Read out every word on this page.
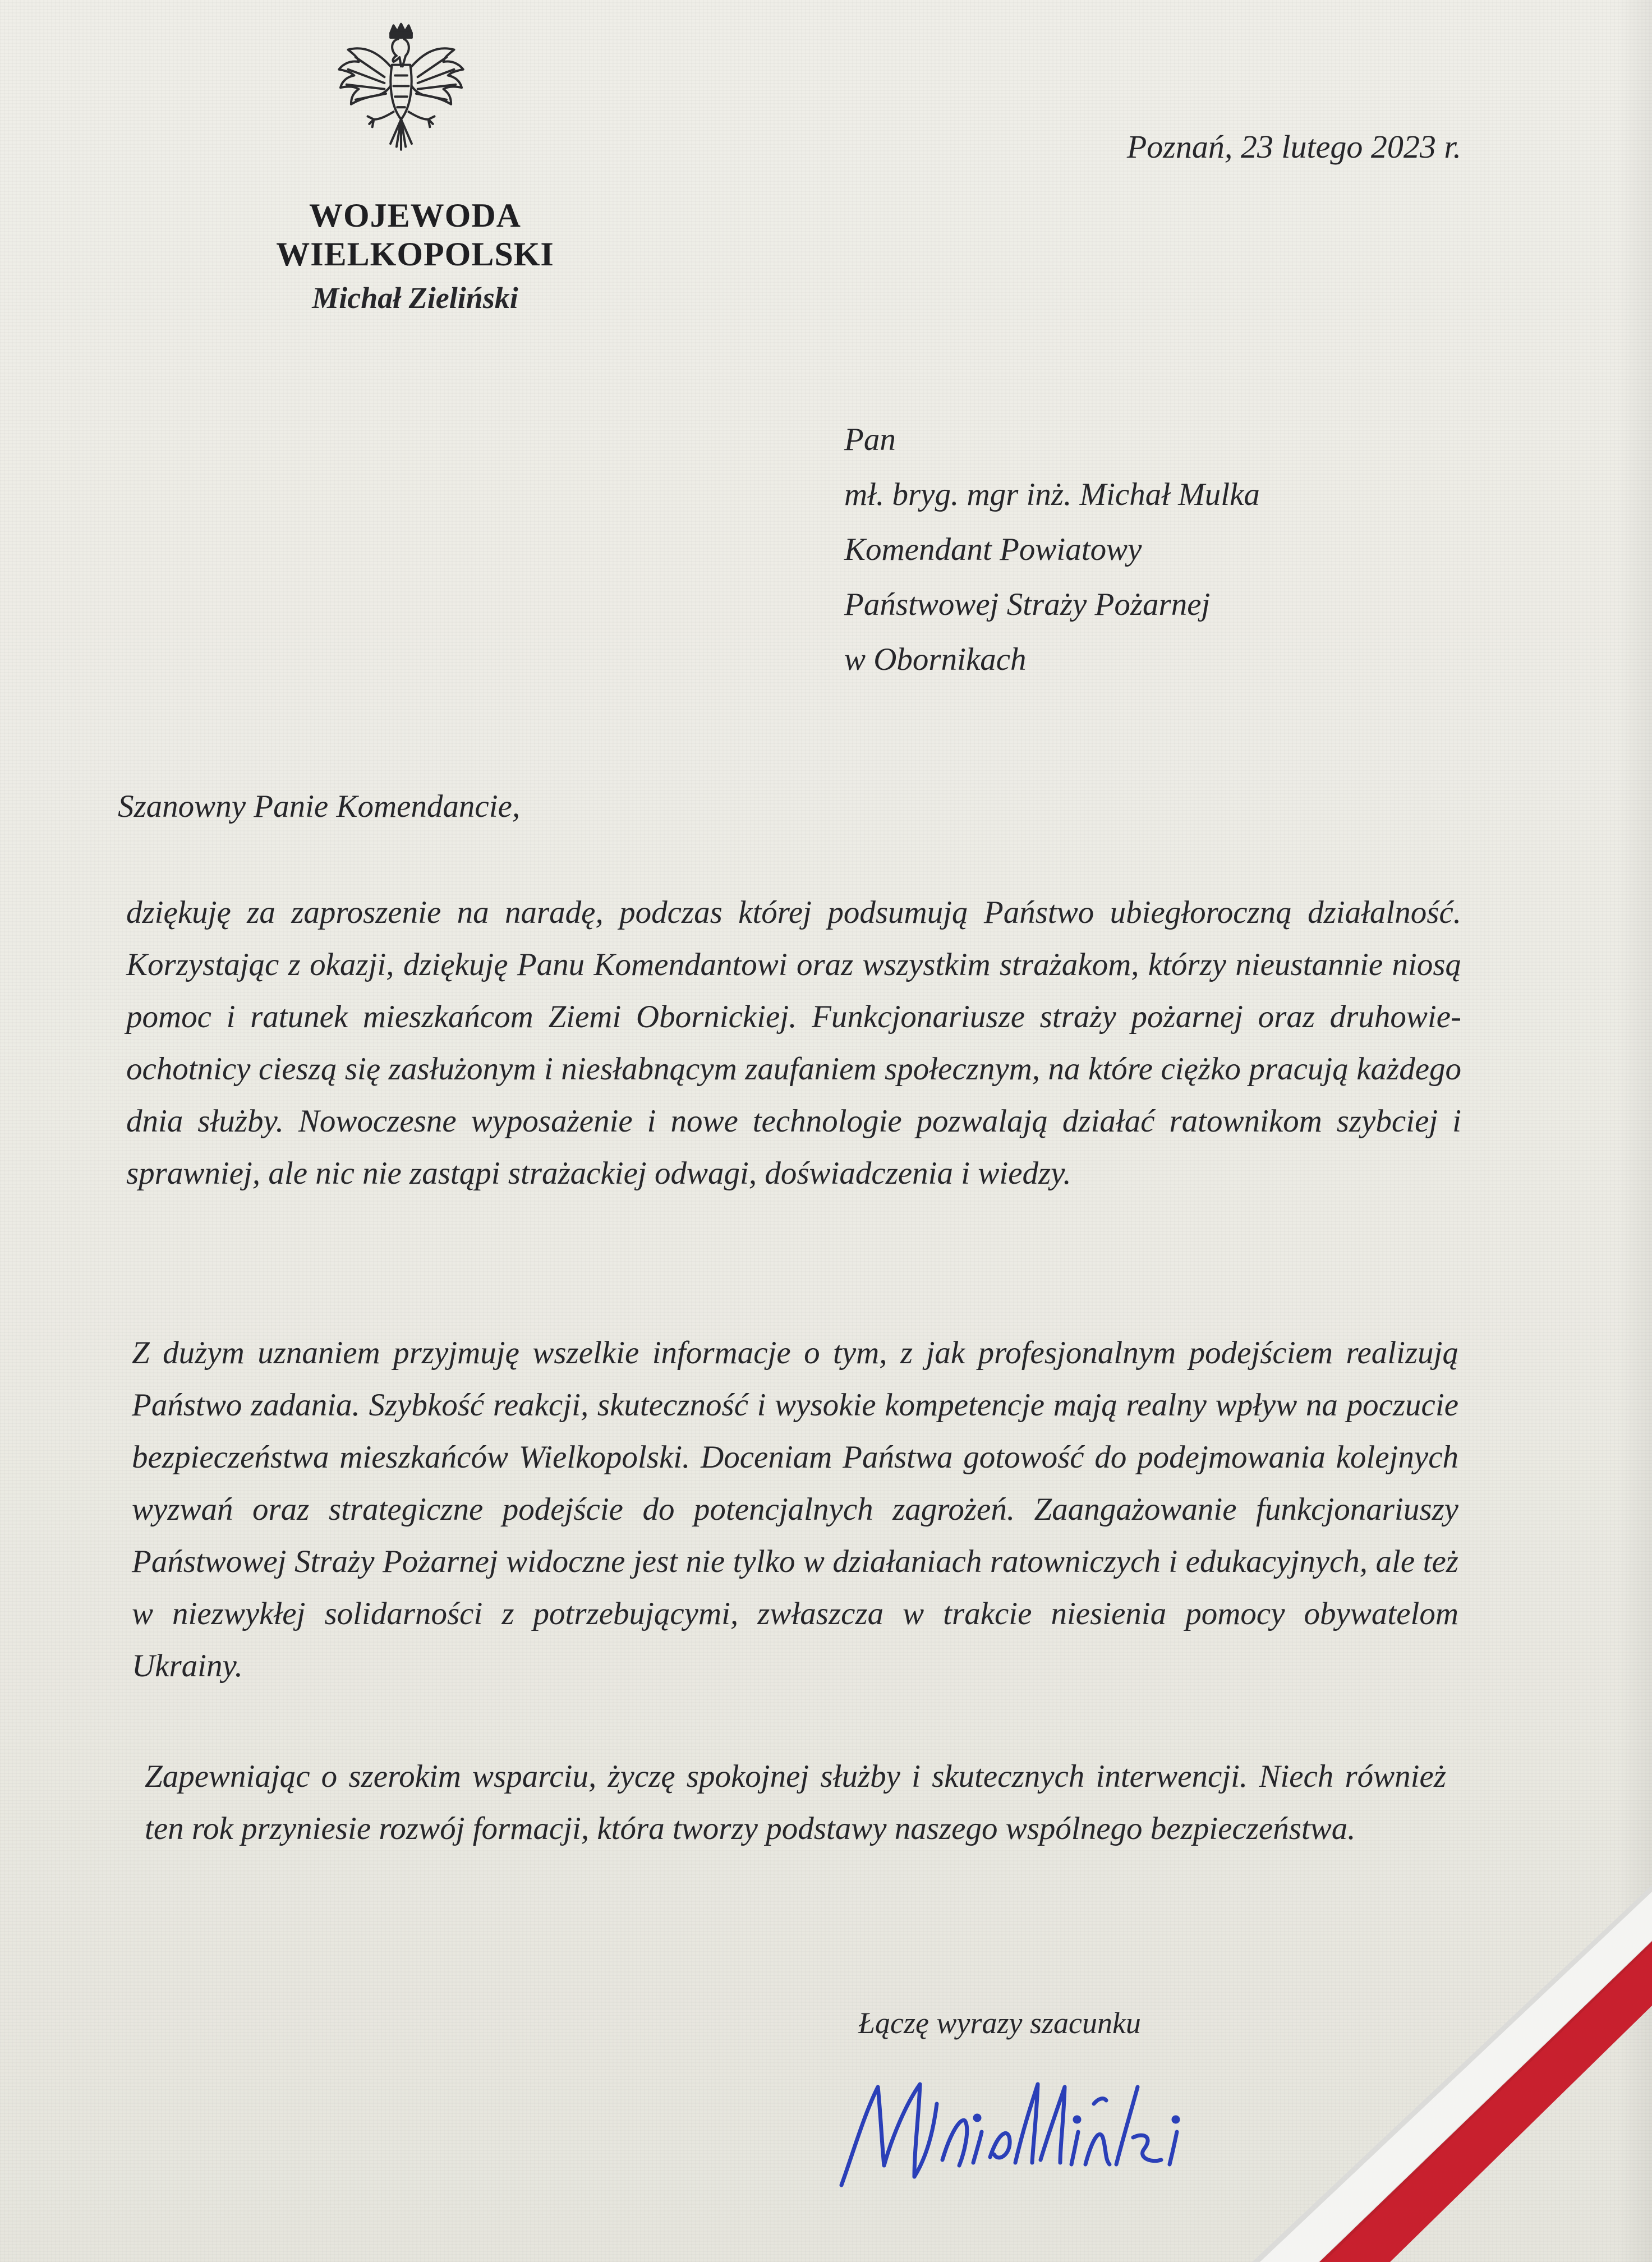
WOJEWODA WIELKOPOLSKI
Michał Zieliński
Poznań, 23 lutego 2023 r.
Pan
mł. bryg. mgr inż. Michał Mulka
Komendant Powiatowy
Państwowej Straży Pożarnej
w Obornikach
Szanowny Panie Komendancie,
dziękuję za zaproszenie na naradę, podczas której podsumują Państwo ubiegłoroczną działalność. Korzystając z okazji, dziękuję Panu Komendantowi oraz wszystkim strażakom, którzy nieustannie niosą pomoc i ratunek mieszkańcom Ziemi Obornickiej. Funkcjonariusze straży pożarnej oraz druhowie-ochotnicy cieszą się zasłużonym i niesłabnącym zaufaniem społecznym, na które ciężko pracują każdego dnia służby. Nowoczesne wyposażenie i nowe technologie pozwalają działać ratownikom szybciej i sprawniej, ale nic nie zastąpi strażackiej odwagi, doświadczenia i wiedzy.
Z dużym uznaniem przyjmuję wszelkie informacje o tym, z jak profesjonalnym podejściem realizują Państwo zadania. Szybkość reakcji, skuteczność i wysokie kompetencje mają realny wpływ na poczucie bezpieczeństwa mieszkańców Wielkopolski. Doceniam Państwa gotowość do podejmowania kolejnych wyzwań oraz strategiczne podejście do potencjalnych zagrożeń. Zaangażowanie funkcjonariuszy Państwowej Straży Pożarnej widoczne jest nie tylko w działaniach ratowniczych i edukacyjnych, ale też w niezwykłej solidarności z potrzebującymi, zwłaszcza w trakcie niesienia pomocy obywatelom Ukrainy.
Zapewniając o szerokim wsparciu, życzę spokojnej służby i skutecznych interwencji. Niech również ten rok przyniesie rozwój formacji, która tworzy podstawy naszego wspólnego bezpieczeństwa.
Łączę wyrazy szacunku
